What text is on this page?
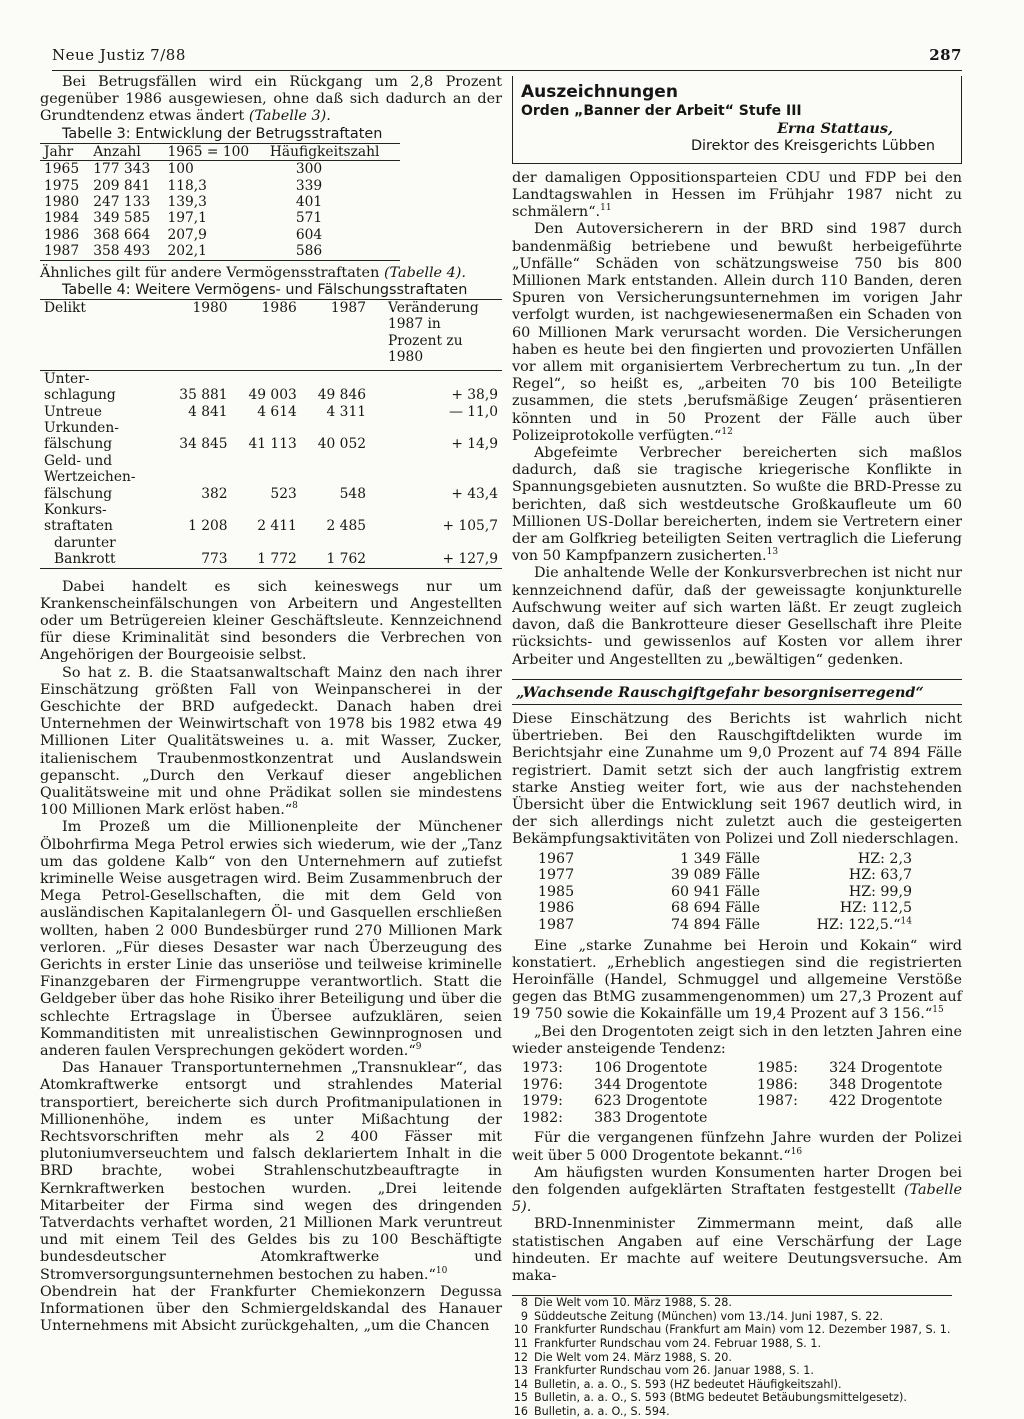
Neue Justiz 7/88	287

Bei Betrugsfällen wird ein Rückgang um 2,8 Prozent gegenüber 1986 ausgewiesen, ohne daß sich dadurch an der Grundtendenz etwas ändert (Tabelle 3).

Tabelle 3: Entwicklung der Betrugsstraftaten

Jahr	Anzahl	1965 = 100	Häufigkeitszahl
1965	177 343	100	300
1975	209 841	118,3	339
1980	247 133	139,3	401
1984	349 585	197,1	571
1986	368 664	207,9	604
1987	358 493	202,1	586

Ähnliches gilt für andere Vermögensstraftaten (Tabelle 4).

Tabelle 4: Weitere Vermögens- und Fälschungsstraftaten

Delikt	1980	1986	1987	Veränderung 1987 in Prozent zu 1980

Unter-
schlagung	35 881	49 003	49 846	+ 38,9
Untreue	4 841	4 614	4 311	— 11,0

Urkunden-
fälschung	34 845	41 113	40 052	+ 14,9

Geld- und
Wertzeichen-
fälschung	382	523	548	+ 43,4

Konkurs-
straftaten	1 208	2 411	2 485	+ 105,7

darunter
Bankrott	773	1 772	1 762	+ 127,9

Dabei handelt es sich keineswegs nur um Krankenscheinfälschungen von Arbeitern und Angestellten oder um Betrügereien kleiner Geschäftsleute. Kennzeichnend für diese Kriminalität sind besonders die Verbrechen von Angehörigen der Bourgeoisie selbst.

So hat z. B. die Staatsanwaltschaft Mainz den nach ihrer Einschätzung größten Fall von Weinpanscherei in der Geschichte der BRD aufgedeckt. Danach haben drei Unternehmen der Weinwirtschaft von 1978 bis 1982 etwa 49 Millionen Liter Qualitätsweines u. a. mit Wasser, Zucker, italienischem Traubenmostkonzentrat und Auslandswein gepanscht. „Durch den Verkauf dieser angeblichen Qualitätsweine mit und ohne Prädikat sollen sie mindestens 100 Millionen Mark erlöst haben.“$^8$

Im Prozeß um die Millionenpleite der Münchener Ölbohrfirma Mega Petrol erwies sich wiederum, wie der „Tanz um das goldene Kalb“ von den Unternehmern auf zutiefst kriminelle Weise ausgetragen wird. Beim Zusammenbruch der Mega Petrol-Gesellschaften, die mit dem Geld von ausländischen Kapitalanlegern Öl- und Gasquellen erschließen wollten, haben 2 000 Bundesbürger rund 270 Millionen Mark verloren. „Für dieses Desaster war nach Überzeugung des Gerichts in erster Linie das unseriöse und teilweise kriminelle Finanzgebaren der Firmengruppe verantwortlich. Statt die Geldgeber über das hohe Risiko ihrer Beteiligung und über die schlechte Ertragslage in Übersee aufzuklären, seien Kommanditisten mit unrealistischen Gewinnprognosen und anderen faulen Versprechungen geködert worden.“$^9$

Das Hanauer Transportunternehmen „Transnuklear“, das Atomkraftwerke entsorgt und strahlendes Material transportiert, bereicherte sich durch Profitmanipulationen in Millionenhöhe, indem es unter Mißachtung der Rechtsvorschriften mehr als 2 400 Fässer mit plutoniumverseuchtem und falsch deklariertem Inhalt in die BRD brachte, wobei Strahlenschutzbeauftragte in Kernkraftwerken bestochen wurden. „Drei leitende Mitarbeiter der Firma sind wegen des dringenden Tatverdachts verhaftet worden, 21 Millionen Mark veruntreut und mit einem Teil des Geldes bis zu 100 Beschäftigte bundesdeutscher Atomkraftwerke und Stromversorgungsunternehmen bestochen zu haben.“$^{10}$

Obendrein hat der Frankfurter Chemiekonzern Degussa Informationen über den Schmiergeldskandal des Hanauer Unternehmens mit Absicht zurückgehalten, „um die Chancen

Auszeichnungen
Orden „Banner der Arbeit“ Stufe III
Erna Stattaus,
Direktor des Kreisgerichts Lübben

der damaligen Oppositionsparteien CDU und FDP bei den Landtagswahlen in Hessen im Frühjahr 1987 nicht zu schmälern“.$^{11}$

Den Autoversicherern in der BRD sind 1987 durch bandenmäßig betriebene und bewußt herbeigeführte „Unfälle“ Schäden von schätzungsweise 750 bis 800 Millionen Mark entstanden. Allein durch 110 Banden, deren Spuren von Versicherungsunternehmen im vorigen Jahr verfolgt wurden, ist nachgewiesenermaßen ein Schaden von 60 Millionen Mark verursacht worden. Die Versicherungen haben es heute bei den fingierten und provozierten Unfällen vor allem mit organisiertem Verbrechertum zu tun. „In der Regel“, so heißt es, „arbeiten 70 bis 100 Beteiligte zusammen, die stets ‚berufsmäßige Zeugen‘ präsentieren könnten und in 50 Prozent der Fälle auch über Polizeiprotokolle verfügten.“$^{12}$

Abgefeimte Verbrecher bereicherten sich maßlos dadurch, daß sie tragische kriegerische Konflikte in Spannungsgebieten ausnutzten. So wußte die BRD-Presse zu berichten, daß sich westdeutsche Großkaufleute um 60 Millionen US-Dollar bereicherten, indem sie Vertretern einer der am Golfkrieg beteiligten Seiten vertraglich die Lieferung von 50 Kampfpanzern zusicherten.$^{13}$

Die anhaltende Welle der Konkursverbrechen ist nicht nur kennzeichnend dafür, daß der geweissagte konjunkturelle Aufschwung weiter auf sich warten läßt. Er zeugt zugleich davon, daß die Bankrotteure dieser Gesellschaft ihre Pleite rücksichts- und gewissenlos auf Kosten vor allem ihrer Arbeiter und Angestellten zu „bewältigen“ gedenken.

„Wachsende Rauschgiftgefahr besorgniserregend“

Diese Einschätzung des Berichts ist wahrlich nicht übertrieben. Bei den Rauschgiftdelikten wurde im Berichtsjahr eine Zunahme um 9,0 Prozent auf 74 894 Fälle registriert. Damit setzt sich der auch langfristig extrem starke Anstieg weiter fort, wie aus der nachstehenden Übersicht über die Entwicklung seit 1967 deutlich wird, in der sich allerdings nicht zuletzt auch die gesteigerten Bekämpfungsaktivitäten von Polizei und Zoll niederschlagen.

1967	1 349 Fälle	HZ: 2,3
1977	39 089 Fälle	HZ: 63,7
1985	60 941 Fälle	HZ: 99,9
1986	68 694 Fälle	HZ: 112,5
1987	74 894 Fälle	HZ: 122,5.“$^{14}$

Eine „starke Zunahme bei Heroin und Kokain“ wird konstatiert. „Erheblich angestiegen sind die registrierten Heroinfälle (Handel, Schmuggel und allgemeine Verstöße gegen das BtMG zusammengenommen) um 27,3 Prozent auf 19 750 sowie die Kokainfälle um 19,4 Prozent auf 3 156.“$^{15}$

„Bei den Drogentoten zeigt sich in den letzten Jahren eine wieder ansteigende Tendenz:

1973:	106 Drogentote	1985:	324 Drogentote
1976:	344 Drogentote	1986:	348 Drogentote
1979:	623 Drogentote	1987:	422 Drogentote
1982:	383 Drogentote		

Für die vergangenen fünfzehn Jahre wurden der Polizei weit über 5 000 Drogentote bekannt.“$^{16}$

Am häufigsten wurden Konsumenten harter Drogen bei den folgenden aufgeklärten Straftaten festgestellt (Tabelle 5).

BRD-Innenminister Zimmermann meint, daß alle statistischen Angaben auf eine Verschärfung der Lage hindeuten. Er machte auf weitere Deutungsversuche. Am maka-

8 Die Welt vom 10. März 1988, S. 28.
9 Süddeutsche Zeitung (München) vom 13./14. Juni 1987, S. 22.
10 Frankfurter Rundschau (Frankfurt am Main) vom 12. Dezember 1987, S. 1.
11 Frankfurter Rundschau vom 24. Februar 1988, S. 1.
12 Die Welt vom 24. März 1988, S. 20.
13 Frankfurter Rundschau vom 26. Januar 1988, S. 1.
14 Bulletin, a. a. O., S. 593 (HZ bedeutet Häufigkeitszahl).
15 Bulletin, a. a. O., S. 593 (BtMG bedeutet Betäubungsmittelgesetz).
16 Bulletin, a. a. O., S. 594.
